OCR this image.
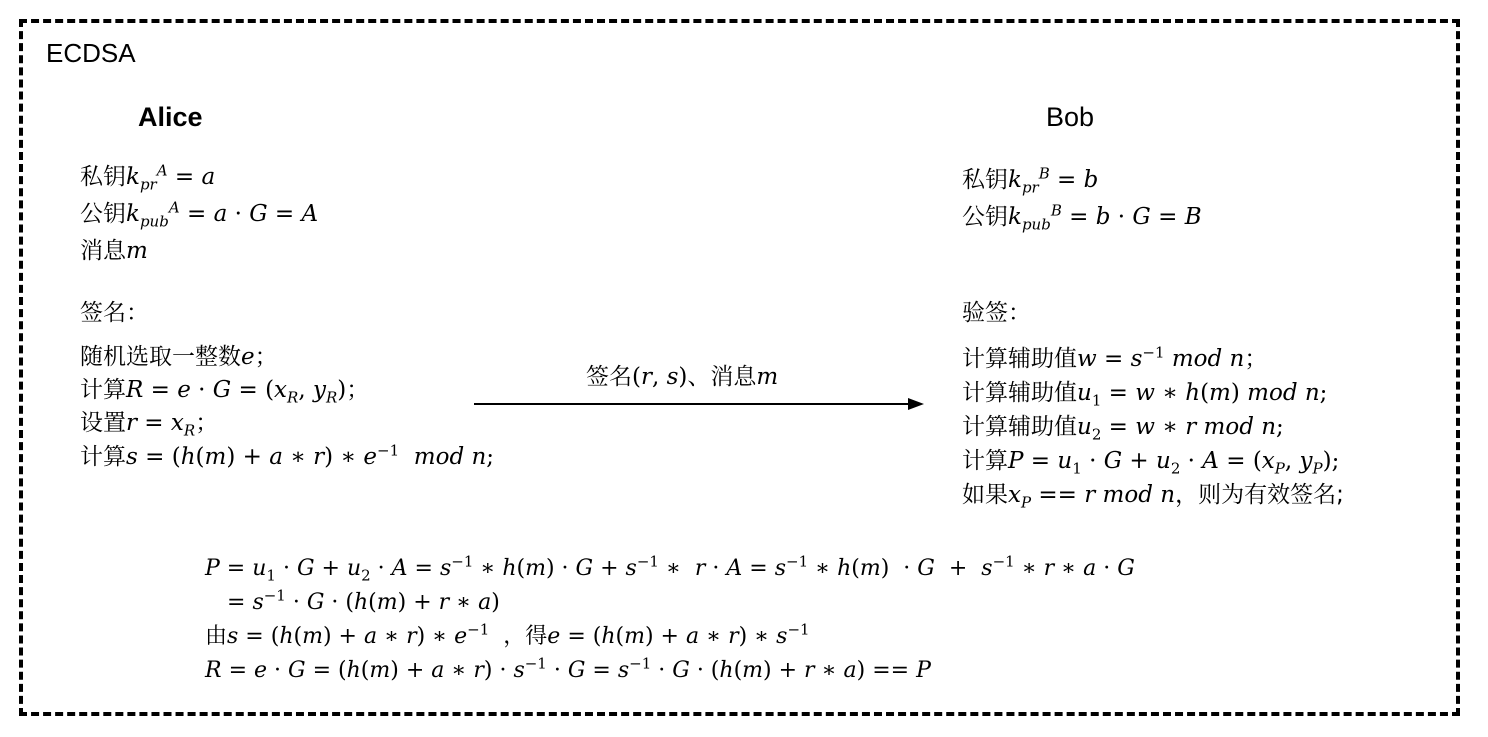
ECDSA
Alice	Bob
私钥$k_{pr}^A = a$
公钥$k_{pub}^A = a \cdot G = A$
消息m
签名：
随机选取一整数e；
计算$R = e \cdot G = (x_R$, $y_R$)；
设置$r = x_R$；
计算s = (h(m) + a ∗ r) ∗ $e^{-1}$ mod n;
签名(r, s)、消息m
私钥$k_{pr}^B = b$
公钥$k_{pub}^B = b \cdot G = B$
验签：
计算辅助值$w = s^{-1}$ mod n；
计算辅助值$u_1 = w$ ∗ h(m) mod n;
计算辅助值$u_2 = w$ ∗ r mod n;
计算$P = u_1 \cdot G + u_2 \cdot A = (x_P$, $y_P$);
如果$x_P == r$ mod n，则为有效签名;
$P = u_1 \cdot G + u_2 \cdot A = s^{-1}$ ∗ $h(m) \cdot G + s^{-1}$ ∗  $r \cdot A = s^{-1}$ ∗ $h(m) \cdot G + s^{-1}$ ∗ r ∗ a · G
= $s^{-1} \cdot G \cdot (h(m) + r$ ∗ a)
由s = (h(m) + a ∗ r) ∗ $e^{-1}$ ，得e = (h(m) + a ∗ r) ∗ $s^{-1}$
R = e · G = (h(m) + a ∗ $r) \cdot s^{-1} \cdot G = s^{-1} \cdot G \cdot (h(m) + r$ ∗ a) == P
